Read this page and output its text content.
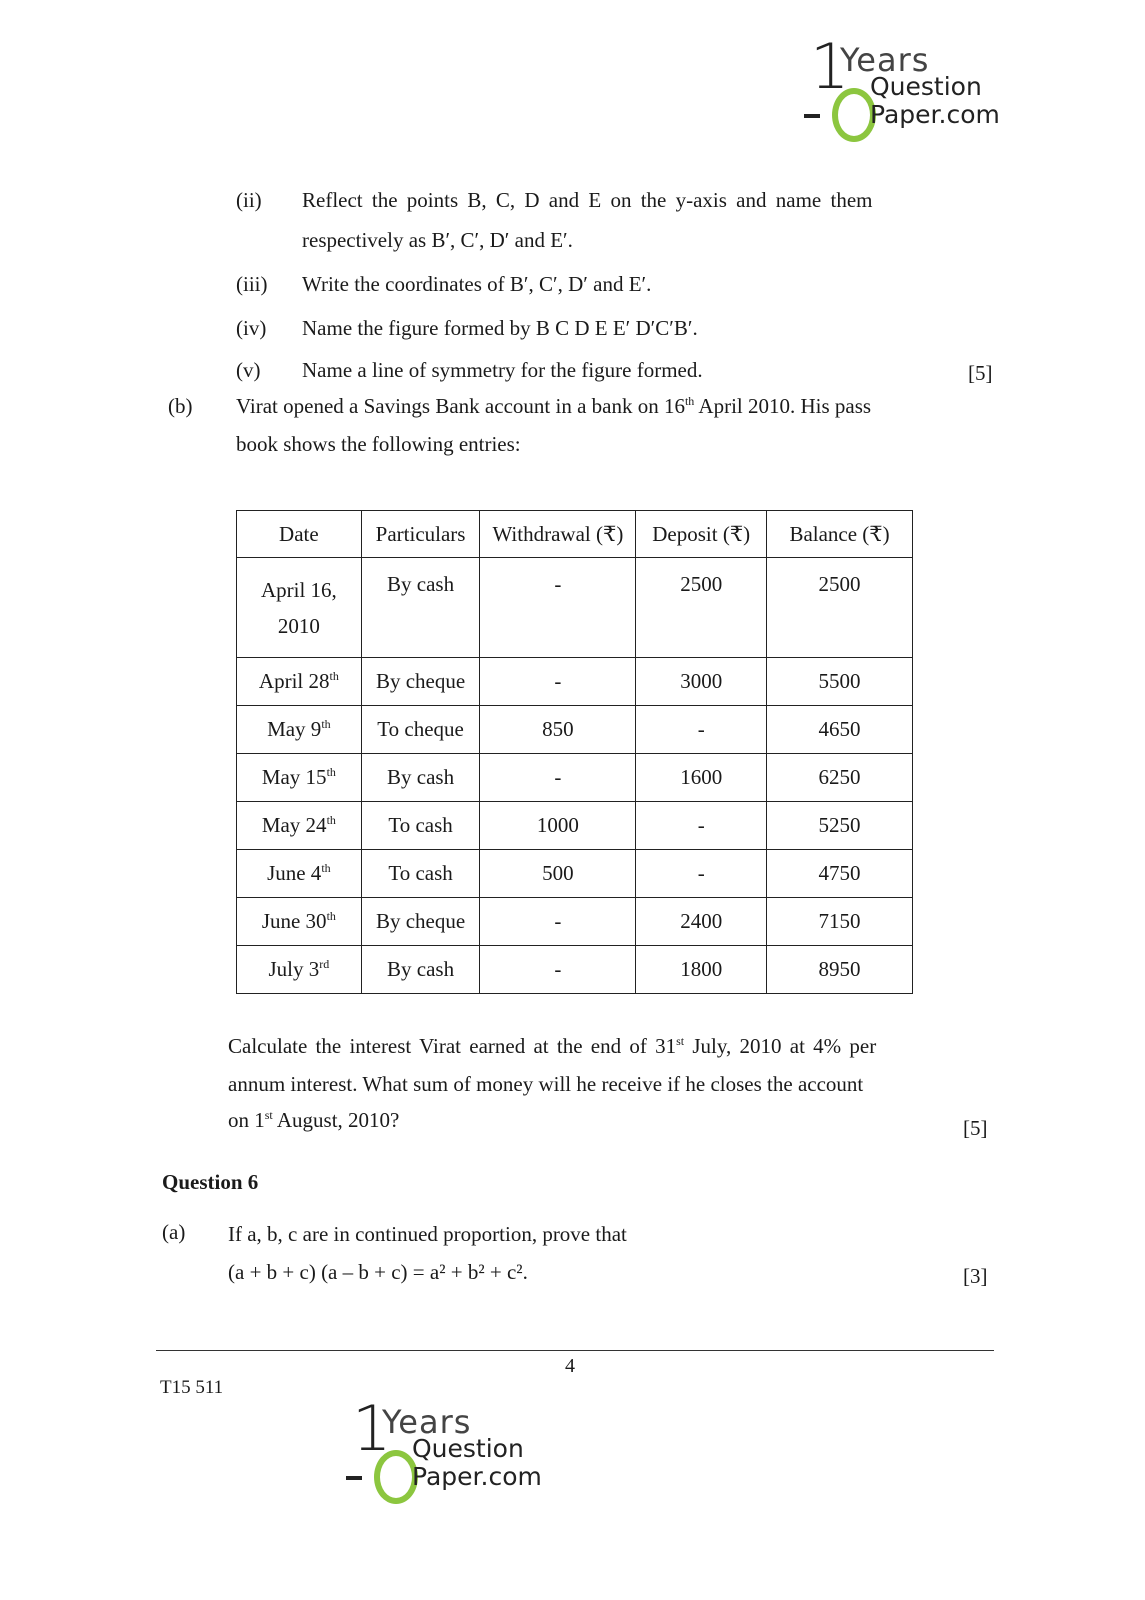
1
Years
Question
Paper.com
(ii) Reflect the points B, C, D and E on the y-axis and name them
respectively as B′, C′, D′ and E′.
(iii) Write the coordinates of B′, C′, D′ and E′.
(iv) Name the figure formed by B C D E E′ D′C′B′.
(v) Name a line of symmetry for the figure formed.	[5]
(b) Virat opened a Savings Bank account in a bank on 16th April 2010. His pass
book shows the following entries:
Date	Particulars	Withdrawal (₹)	Deposit (₹)	Balance (₹)
April 16,
2010	By cash	-	2500	2500
April 28th	By cheque	-	3000	5500
May 9th	To cheque	850	-	4650
May 15th	By cash	-	1600	6250
May 24th	To cash	1000	-	5250
June 4th	To cash	500	-	4750
June 30th	By cheque	-	2400	7150
July 3rd	By cash	-	1800	8950
Calculate the interest Virat earned at the end of 31st July, 2010 at 4% per
annum interest. What sum of money will he receive if he closes the account
on 1st August, 2010?	[5]
Question 6
(a) If a, b, c are in continued proportion, prove that
(a + b + c) (a – b + c) = a² + b² + c².	[3]
4
T15 511
1
Years
Question
Paper.com
